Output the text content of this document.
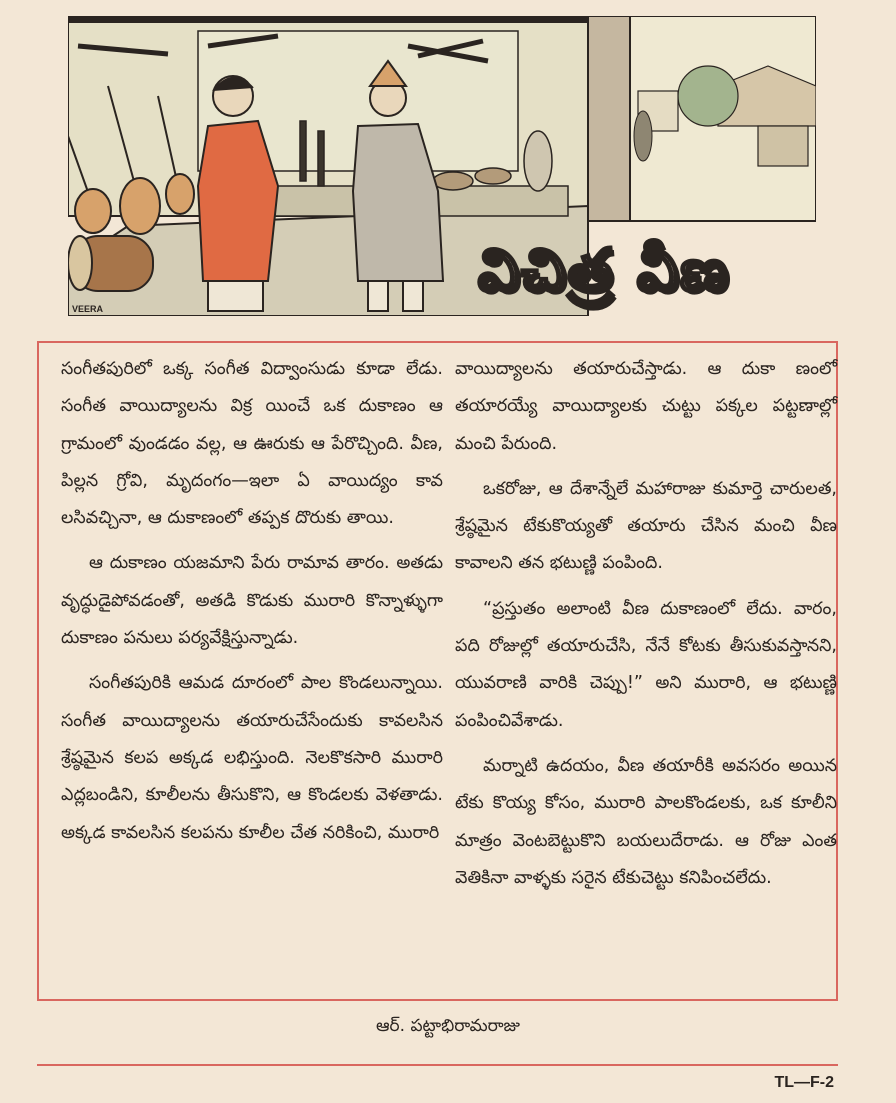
VEERA
విచిత్ర వీణ

సంగీతపురిలో ఒక్క సంగీత విద్వాంసుడు కూడా లేడు. సంగీత వాయిద్యాలను విక్ర యించే ఒక దుకాణం ఆ గ్రామంలో వుండడం వల్ల, ఆ ఊరుకు ఆ పేరొచ్చింది. వీణ, పిల్లన గ్రోవి, మృదంగం—ఇలా ఏ వాయిద్యం కావ లసివచ్చినా, ఆ దుకాణంలో తప్పక దొరుకు తాయి.

ఆ దుకాణం యజమాని పేరు రామావ తారం. అతడు వృద్ధుడైపోవడంతో, అతడి కొడుకు మురారి కొన్నాళ్ళుగా దుకాణం పనులు పర్యవేక్షిస్తున్నాడు.

సంగీతపురికి ఆమడ దూరంలో పాల కొండలున్నాయి. సంగీత వాయిద్యాలను తయారుచేసేందుకు కావలసిన శ్రేష్ఠమైన కలప అక్కడ లభిస్తుంది. నెలకొకసారి మురారి ఎద్లబండిని, కూలీలను తీసుకొని, ఆ కొండలకు వెళతాడు. అక్కడ కావలసిన కలపను కూలీల చేత నరికించి, మురారి

వాయిద్యాలను తయారుచేస్తాడు. ఆ దుకా ణంలో తయారయ్యే వాయిద్యాలకు చుట్టు పక్కల పట్టణాల్లో మంచి పేరుంది.

ఒకరోజు, ఆ దేశాన్నేలే మహారాజు కుమార్తె చారులత, శ్రేష్ఠమైన టేకుకొయ్యతో తయారు చేసిన మంచి వీణ కావాలని తన భటుణ్ణి పంపింది.

“ప్రస్తుతం అలాంటి వీణ దుకాణంలో లేదు. వారం, పది రోజుల్లో తయారుచేసి, నేనే కోటకు తీసుకువస్తానని, యువరాణి వారికి చెప్పు!” అని మురారి, ఆ భటుణ్ణి పంపించివేశాడు.

మర్నాటి ఉదయం, వీణ తయారీకి అవసరం అయిన టేకు కొయ్య కోసం, మురారి పాలకొండలకు, ఒక కూలీని మాత్రం వెంటబెట్టుకొని బయలుదేరాడు. ఆ రోజు ఎంత వెతికినా వాళ్ళకు సరైన టేకుచెట్టు కనిపించలేదు.

ఆర్. పట్టాభిరామరాజు
TL—F-2
